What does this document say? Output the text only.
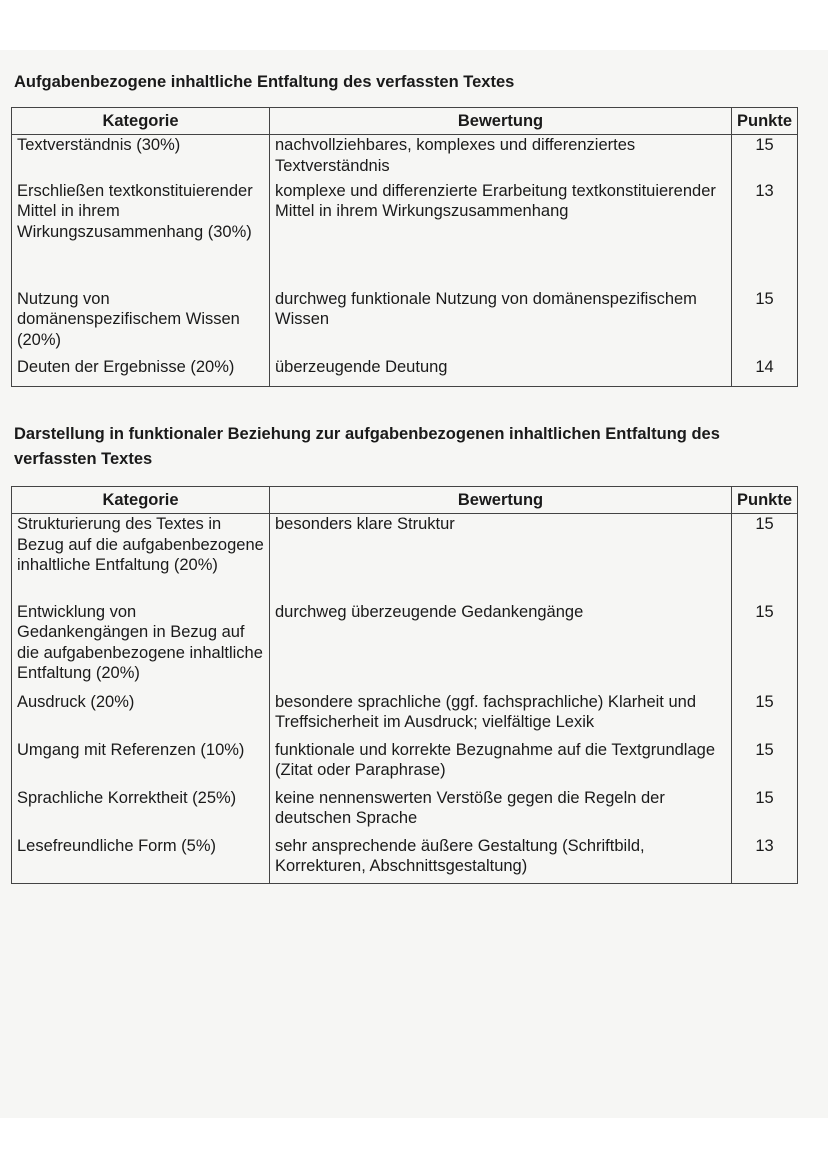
Aufgabenbezogene inhaltliche Entfaltung des verfassten Textes
Kategorie	Bewertung	Punkte
Textverständnis (30%)	nachvollziehbares, komplexes und differenziertes Textverständnis	15
Erschließen textkonstituierender Mittel in ihrem Wirkungszusammenhang (30%)	komplexe und differenzierte Erarbeitung textkonstituierender Mittel in ihrem Wirkungszusammenhang	13
Nutzung von domänenspezifischem Wissen (20%)	durchweg funktionale Nutzung von domänenspezifischem Wissen	15
Deuten der Ergebnisse (20%)	überzeugende Deutung	14
Darstellung in funktionaler Beziehung zur aufgabenbezogenen inhaltlichen Entfaltung des verfassten Textes
Kategorie	Bewertung	Punkte
Strukturierung des Textes in Bezug auf die aufgabenbezogene inhaltliche Entfaltung (20%)	besonders klare Struktur	15
Entwicklung von Gedankengängen in Bezug auf die aufgabenbezogene inhaltliche Entfaltung (20%)	durchweg überzeugende Gedankengänge	15
Ausdruck (20%)	besondere sprachliche (ggf. fachsprachliche) Klarheit und Treffsicherheit im Ausdruck; vielfältige Lexik	15
Umgang mit Referenzen (10%)	funktionale und korrekte Bezugnahme auf die Textgrundlage (Zitat oder Paraphrase)	15
Sprachliche Korrektheit (25%)	keine nennenswerten Verstöße gegen die Regeln der deutschen Sprache	15
Lesefreundliche Form (5%)	sehr ansprechende äußere Gestaltung (Schriftbild, Korrekturen, Abschnittsgestaltung)	13
